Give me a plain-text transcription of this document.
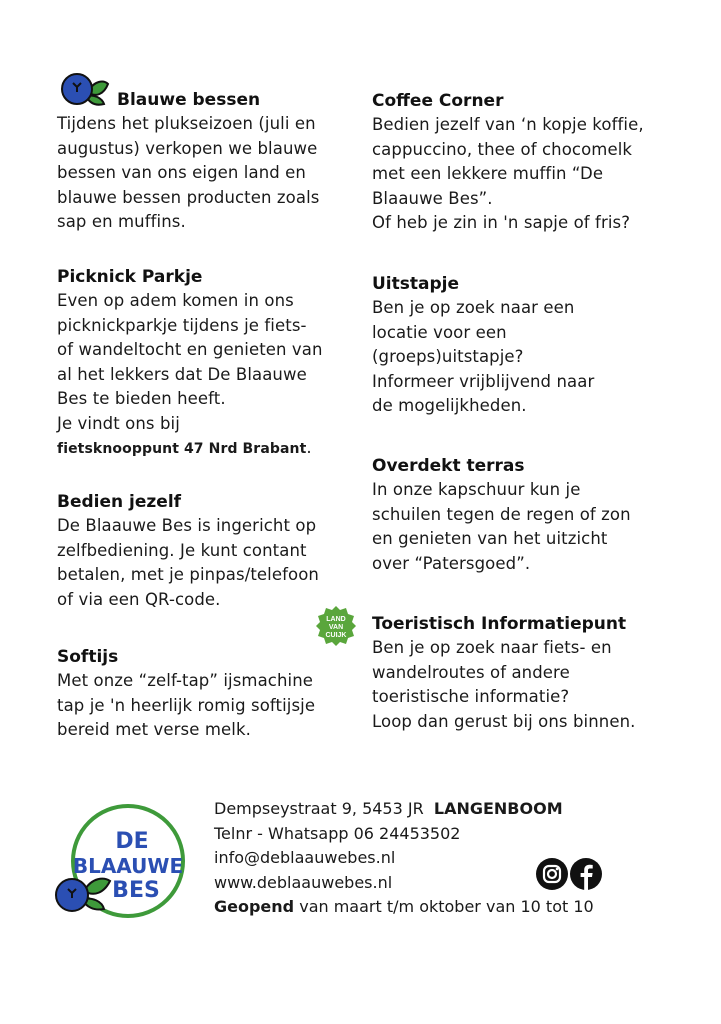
Blauwe bessen

Tijdens het plukseizoen (juli en
augustus) verkopen we blauwe
bessen van ons eigen land en
blauwe bessen producten zoals
sap en muffins.

Picknick Parkje

Even op adem komen in ons
picknickparkje tijdens je fiets-
of wandeltocht en genieten van
al het lekkers dat De Blaauwe
Bes te bieden heeft.
Je vindt ons bij
fietsknooppunt 47 Nrd Brabant.

Bedien jezelf

De Blaauwe Bes is ingericht op
zelfbediening. Je kunt contant
betalen, met je pinpas/telefoon
of via een QR-code.

Softijs

Met onze “zelf-tap” ijsmachine
tap je 'n heerlijk romig softijsje
bereid met verse melk.

Coffee Corner

Bedien jezelf van ‘n kopje koffie,
cappuccino, thee of chocomelk
met een lekkere muffin “De
Blaauwe Bes”.
Of heb je zin in 'n sapje of fris?

Uitstapje

Ben je op zoek naar een
locatie voor een
(groeps)uitstapje?
Informeer vrijblijvend naar
de mogelijkheden.

Overdekt terras

In onze kapschuur kun je
schuilen tegen de regen of zon
en genieten van het uitzicht
over “Patersgoed”.

LAND
VAN
CUIJK
Toeristisch Informatiepunt

Ben je op zoek naar fiets- en
wandelroutes of andere
toeristische informatie?
Loop dan gerust bij ons binnen.

DE
BLAAUWE
BES
Dempseystraat 9, 5453 JR LANGENBOOM
Telnr - Whatsapp 06 24453502
info@deblaauwebes.nl
www.deblaauwebes.nl
Geopend van maart t/m oktober van 10 tot 10
